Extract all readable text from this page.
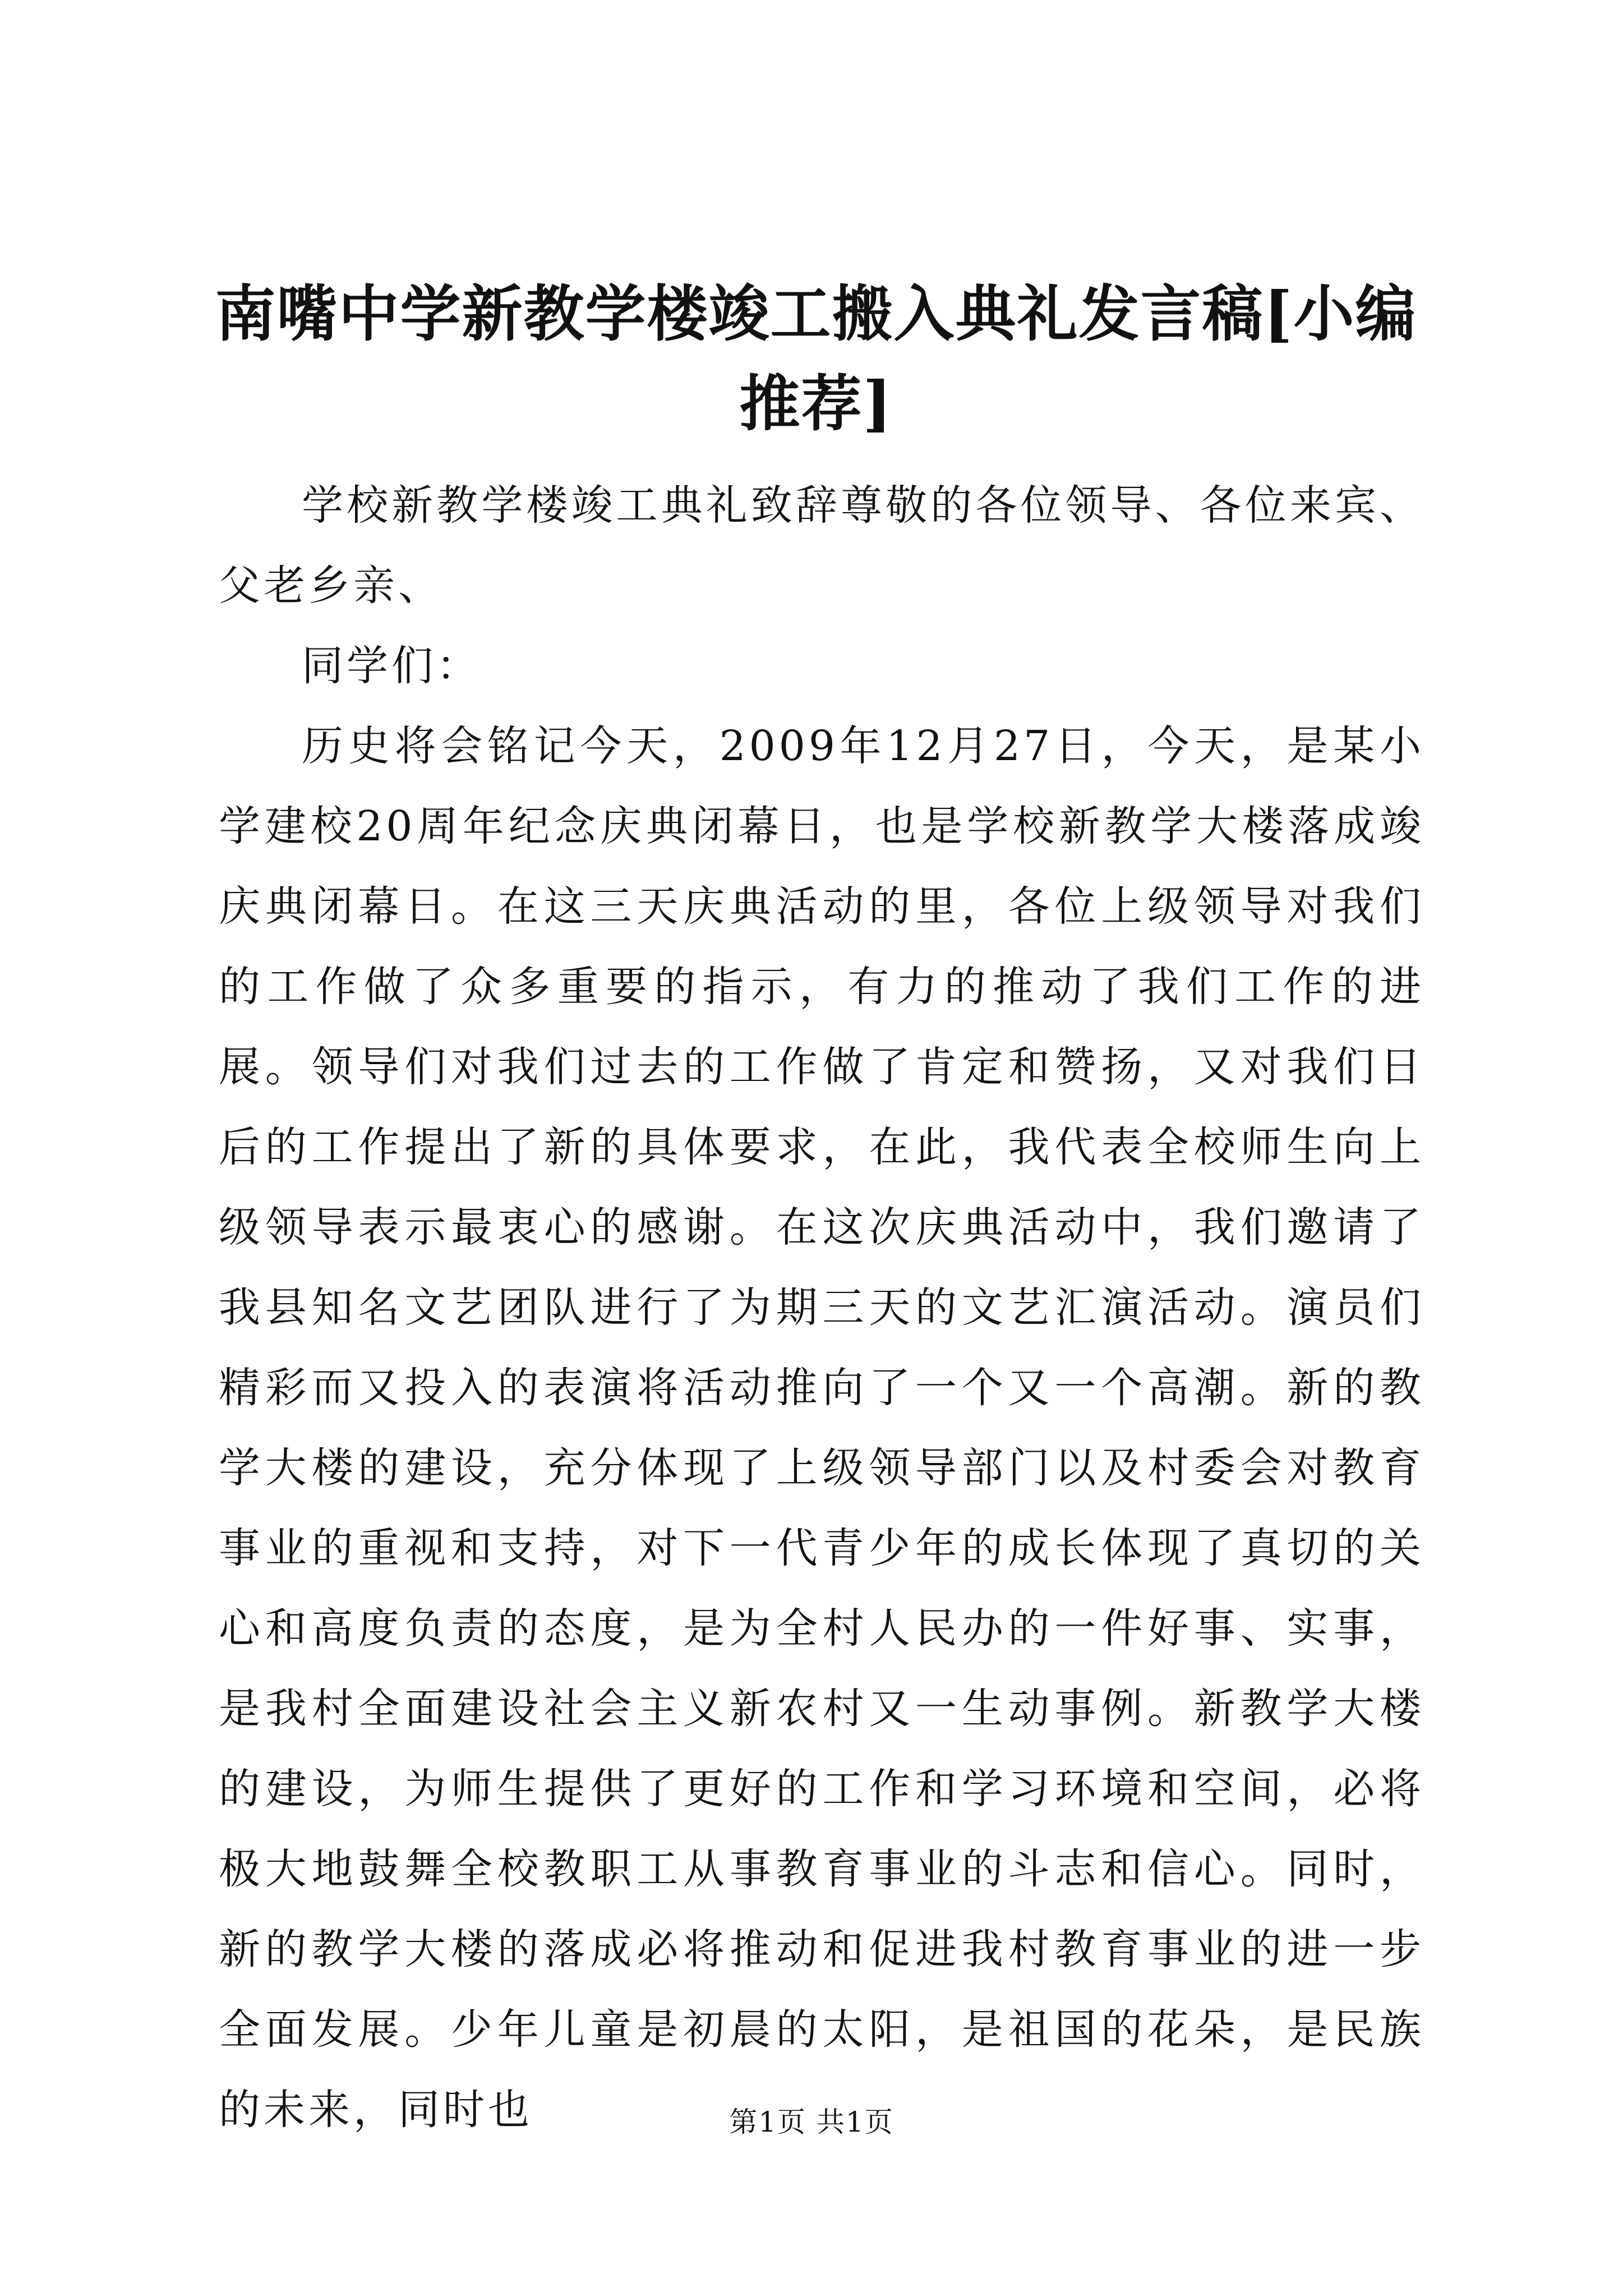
南嘴中学新教学楼竣工搬入典礼发言稿[小编
推荐]

学校新教学楼竣工典礼致辞尊敬的各位领导、各位来宾、父老乡亲、

同学们：

历史将会铭记今天，2009年12月27日，今天，是某小学建校20周年纪念庆典闭幕日，也是学校新教学大楼落成竣庆典闭幕日。在这三天庆典活动的里，各位上级领导对我们的工作做了众多重要的指示，有力的推动了我们工作的进展。领导们对我们过去的工作做了肯定和赞扬，又对我们日后的工作提出了新的具体要求，在此，我代表全校师生向上级领导表示最衷心的感谢。在这次庆典活动中，我们邀请了我县知名文艺团队进行了为期三天的文艺汇演活动。演员们精彩而又投入的表演将活动推向了一个又一个高潮。新的教学大楼的建设，充分体现了上级领导部门以及村委会对教育事业的重视和支持，对下一代青少年的成长体现了真切的关心和高度负责的态度，是为全村人民办的一件好事、实事，是我村全面建设社会主义新农村又一生动事例。新教学大楼的建设，为师生提供了更好的工作和学习环境和空间，必将极大地鼓舞全校教职工从事教育事业的斗志和信心。同时，新的教学大楼的落成必将推动和促进我村教育事业的进一步全面发展。少年儿童是初晨的太阳，是祖国的花朵，是民族的未来，同时也	第1页 共1页
